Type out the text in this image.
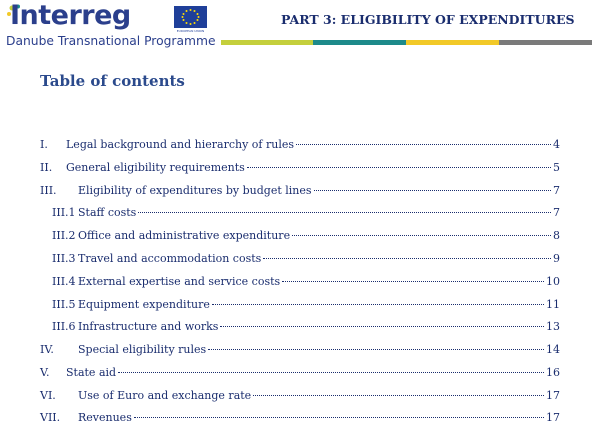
Interreg	EUROPEAN UNION
Danube Transnational Programme
PART 3: ELIGIBILITY OF EXPENDITURES
Table of contents
I. Legal background and hierarchy of rules	4
II. General eligibility requirements	5
III. Eligibility of expenditures by budget lines	7
III.1 Staff costs	7
III.2 Office and administrative expenditure	8
III.3 Travel and accommodation costs	9
III.4 External expertise and service costs	10
III.5 Equipment expenditure	11
III.6 Infrastructure and works	13
IV. Special eligibility rules	14
V. State aid	16
VI. Use of Euro and exchange rate	17
VII. Revenues	17
